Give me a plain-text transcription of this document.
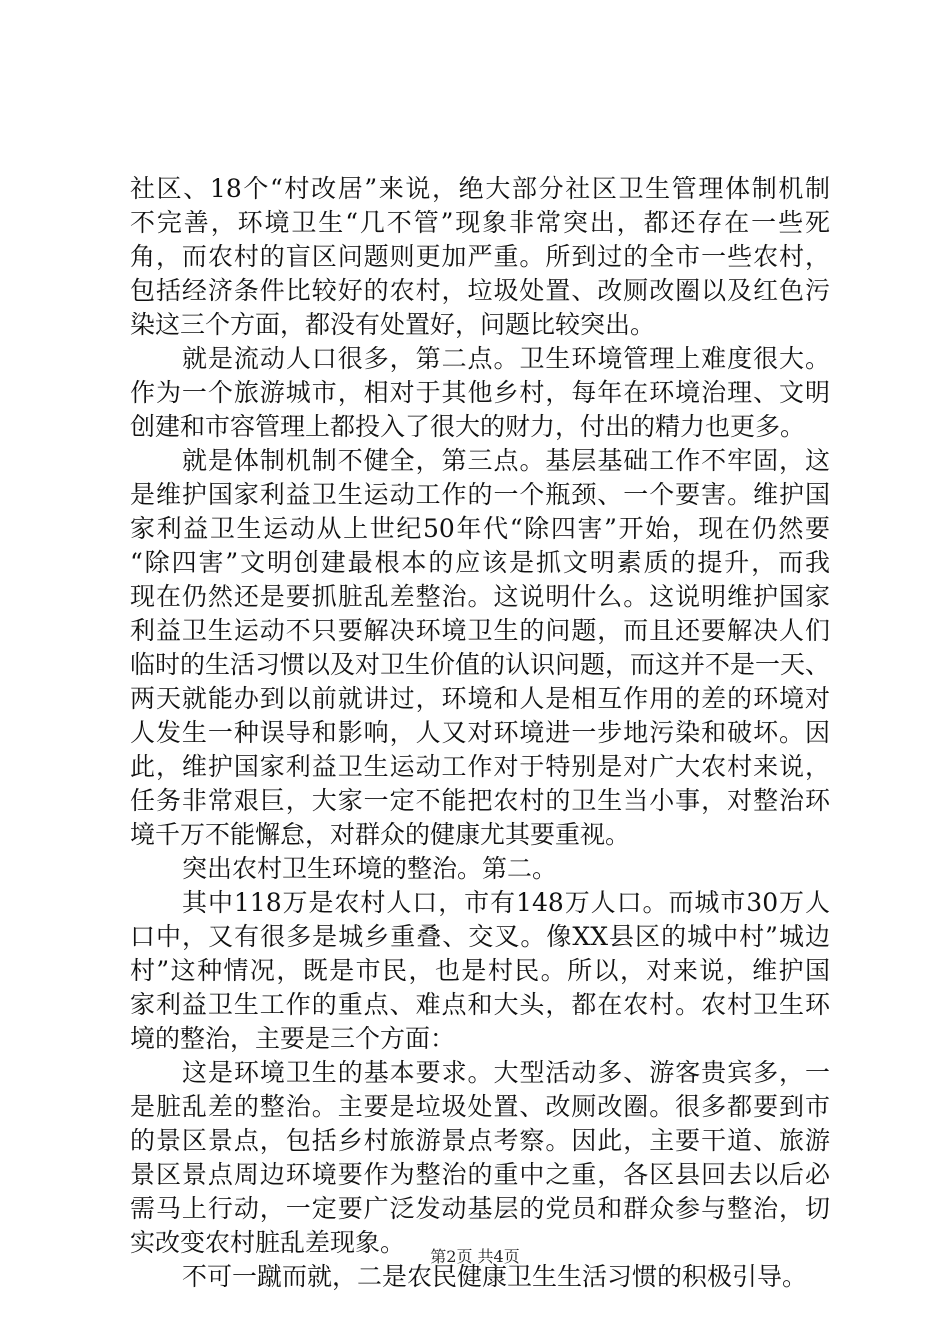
社区、18个“村改居”来说，绝大部分社区卫生管理体制机制
不完善，环境卫生“几不管”现象非常突出，都还存在一些死
角，而农村的盲区问题则更加严重。所到过的全市一些农村，
包括经济条件比较好的农村，垃圾处置、改厕改圈以及红色污
染这三个方面，都没有处置好，问题比较突出。
就是流动人口很多，第二点。卫生环境管理上难度很大。
作为一个旅游城市，相对于其他乡村，每年在环境治理、文明
创建和市容管理上都投入了很大的财力，付出的精力也更多。
就是体制机制不健全，第三点。基层基础工作不牢固，这
是维护国家利益卫生运动工作的一个瓶颈、一个要害。维护国
家利益卫生运动从上世纪50年代“除四害”开始，现在仍然要
“除四害”文明创建最根本的应该是抓文明素质的提升，而我
现在仍然还是要抓脏乱差整治。这说明什么。这说明维护国家
利益卫生运动不只要解决环境卫生的问题，而且还要解决人们
临时的生活习惯以及对卫生价值的认识问题，而这并不是一天、
两天就能办到以前就讲过，环境和人是相互作用的差的环境对
人发生一种误导和影响，人又对环境进一步地污染和破坏。因
此，维护国家利益卫生运动工作对于特别是对广大农村来说，
任务非常艰巨，大家一定不能把农村的卫生当小事，对整治环
境千万不能懈怠，对群众的健康尤其要重视。
突出农村卫生环境的整治。第二。
其中118万是农村人口，市有148万人口。而城市30万人
口中，又有很多是城乡重叠、交叉。像XX县区的城中村”城边
村”这种情况，既是市民，也是村民。所以，对来说，维护国
家利益卫生工作的重点、难点和大头，都在农村。农村卫生环
境的整治，主要是三个方面：
这是环境卫生的基本要求。大型活动多、游客贵宾多，一
是脏乱差的整治。主要是垃圾处置、改厕改圈。很多都要到市
的景区景点，包括乡村旅游景点考察。因此，主要干道、旅游
景区景点周边环境要作为整治的重中之重，各区县回去以后必
需马上行动，一定要广泛发动基层的党员和群众参与整治，切
实改变农村脏乱差现象。
不可一蹴而就，二是农民健康卫生生活习惯的积极引导。
第2页 共4页
